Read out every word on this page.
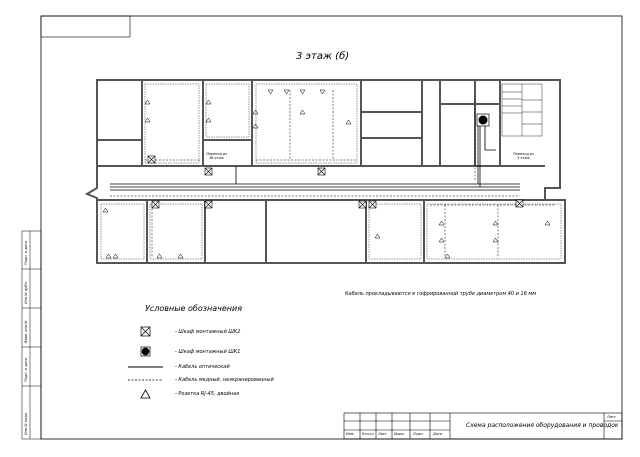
3 этаж (б)
Переход из
3б этаж
Переход из
4 этаж
Кабель прокладываются в гофрированной трубе диаметром 40 и 16 мм
Условные обозначения
- Шкаф монтажный ШК2
- Шкаф монтажный ШК1
- Кабель оптический
- Кабель медный, неэкранированный
- Розетка RJ-45, двойная
Схема расположения оборудования и проводок
Лист
Изм. Кол.уч Лист №док Подп.	Дата
Инв.№ подл.
Подп. и дата
Взам. инв.№
Инв.№ дубл.
Подп. и дата
